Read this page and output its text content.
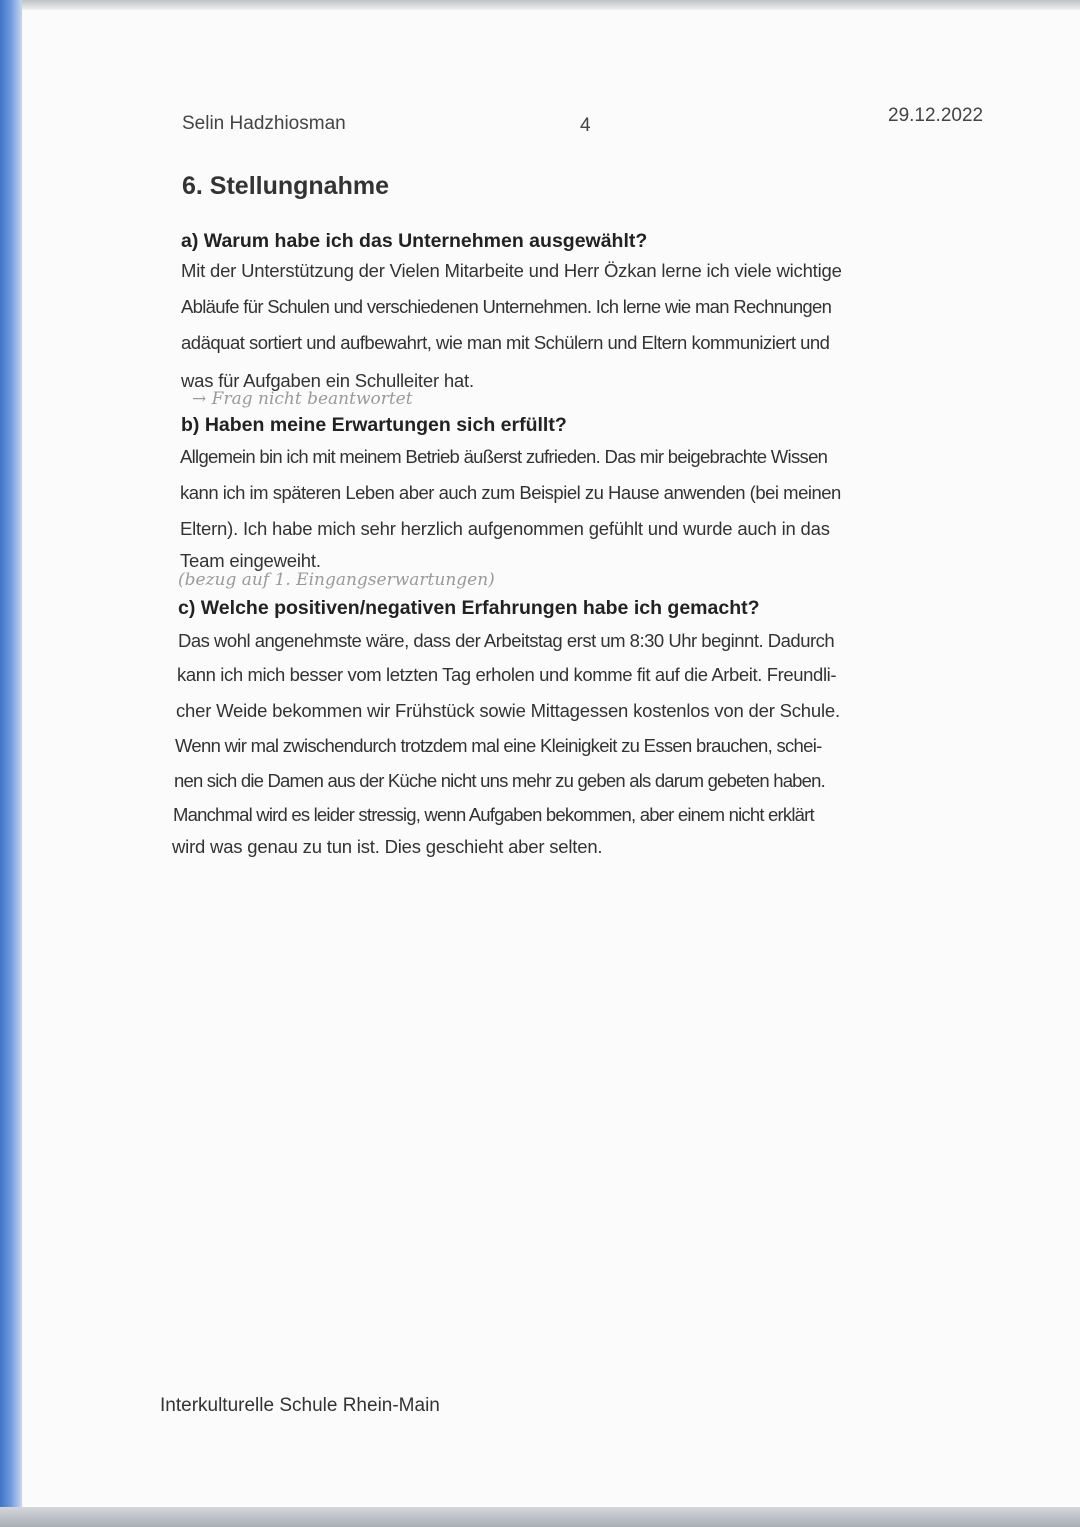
Selin Hadzhiosman	4	29.12.2022
6. Stellungnahme
a) Warum habe ich das Unternehmen ausgewählt?
Mit der Unterstützung der Vielen Mitarbeite und Herr Özkan lerne ich viele wichtige
Abläufe für Schulen und verschiedenen Unternehmen. Ich lerne wie man Rechnungen
adäquat sortiert und aufbewahrt, wie man mit Schülern und Eltern kommuniziert und
was für Aufgaben ein Schulleiter hat.
→ Frag nicht beantwortet
b) Haben meine Erwartungen sich erfüllt?
Allgemein bin ich mit meinem Betrieb äußerst zufrieden. Das mir beigebrachte Wissen
kann ich im späteren Leben aber auch zum Beispiel zu Hause anwenden (bei meinen
Eltern). Ich habe mich sehr herzlich aufgenommen gefühlt und wurde auch in das
Team eingeweiht.
(bezug auf 1. Eingangserwartungen)
c) Welche positiven/negativen Erfahrungen habe ich gemacht?
Das wohl angenehmste wäre, dass der Arbeitstag erst um 8:30 Uhr beginnt. Dadurch
kann ich mich besser vom letzten Tag erholen und komme fit auf die Arbeit. Freundli-
cher Weide bekommen wir Frühstück sowie Mittagessen kostenlos von der Schule.
Wenn wir mal zwischendurch trotzdem mal eine Kleinigkeit zu Essen brauchen, schei-
nen sich die Damen aus der Küche nicht uns mehr zu geben als darum gebeten haben.
Manchmal wird es leider stressig, wenn Aufgaben bekommen, aber einem nicht erklärt
wird was genau zu tun ist. Dies geschieht aber selten.
Interkulturelle Schule Rhein-Main
